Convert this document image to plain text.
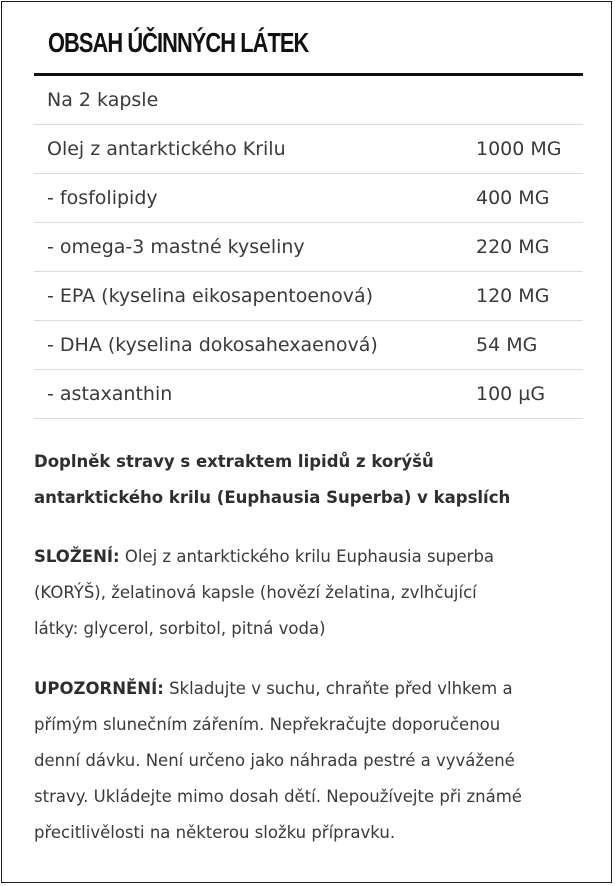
OBSAH ÚČINNÝCH LÁTEK
Na 2 kapsle
Olej z antarktického Krilu	1000 MG
- fosfolipidy	400 MG
- omega-3 mastné kyseliny	220 MG
- EPA (kyselina eikosapentoenová)	120 MG
- DHA (kyselina dokosahexaenová)	54 MG
- astaxanthin	100 µG
Doplněk stravy s extraktem lipidů z korýšů
antarktického krilu (Euphausia Superba) v kapslích
SLOŽENÍ: Olej z antarktického krilu Euphausia superba
(KORÝŠ), želatinová kapsle (hovězí želatina, zvlhčující
látky: glycerol, sorbitol, pitná voda)
UPOZORNĚNÍ: Skladujte v suchu, chraňte před vlhkem a
přímým slunečním zářením. Nepřekračujte doporučenou
denní dávku. Není určeno jako náhrada pestré a vyvážené
stravy. Ukládejte mimo dosah dětí. Nepoužívejte při známé
přecitlivělosti na některou složku přípravku.
